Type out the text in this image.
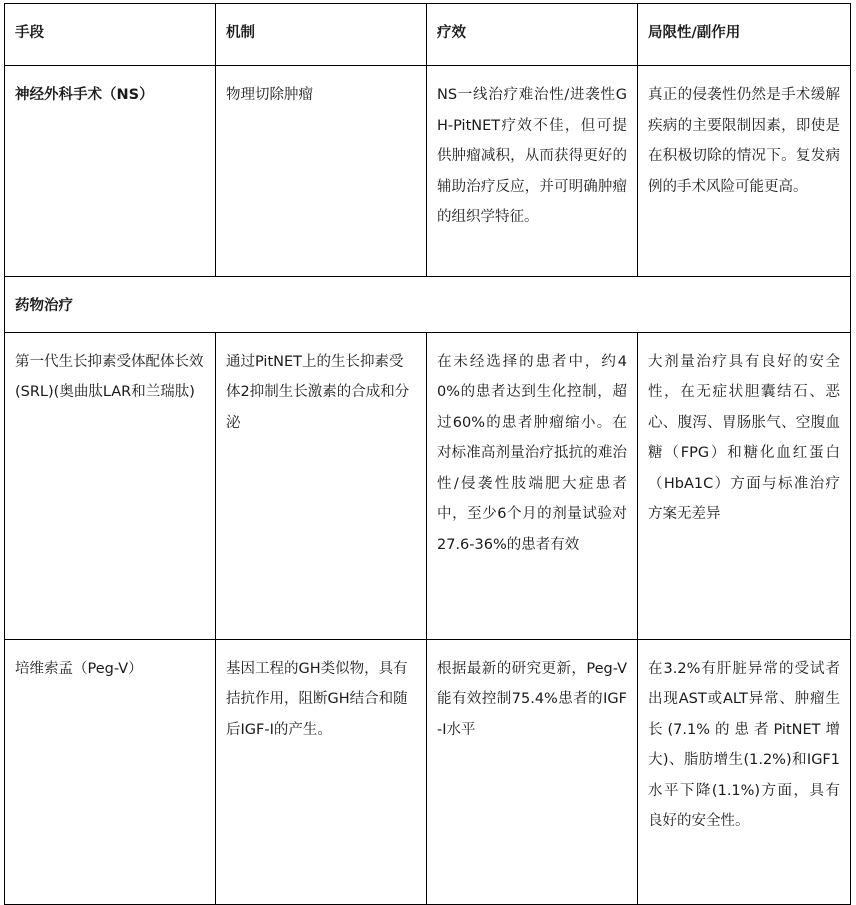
手段	机制	疗效	局限性/副作用
神经外科手术（NS）	物理切除肿瘤	NS一线治疗难治性/进袭性GH-PitNET疗效不佳，但可提供肿瘤减积，从而获得更好的辅助治疗反应，并可明确肿瘤的组织学特征。	真正的侵袭性仍然是手术缓解疾病的主要限制因素，即使是在积极切除的情况下。复发病例的手术风险可能更高。
药物治疗			
第一代生长抑素受体配体长效(SRL)(奥曲肽LAR和兰瑞肽)	通过PitNET上的生长抑素受体2抑制生长激素的合成和分泌	在未经选择的患者中，约40%的患者达到生化控制，超过60%的患者肿瘤缩小。在对标准高剂量治疗抵抗的难治性/侵袭性肢端肥大症患者中，至少6个月的剂量试验对27.6-36%的患者有效	大剂量治疗具有良好的安全性，在无症状胆囊结石、恶心、腹泻、胃肠胀气、空腹血糖（FPG）和糖化血红蛋白（HbA1C）方面与标准治疗方案无差异
培维索孟（Peg-V）	基因工程的GH类似物，具有拮抗作用，阻断GH结合和随后IGF-I的产生。	根据最新的研究更新，Peg-V能有效控制75.4%患者的IGF-I水平	在3.2%有肝脏异常的受试者出现AST或ALT异常、肿瘤生长(7.1%的患者PitNET增大)、脂肪增生(1.2%)和IGF1水平下降(1.1%)方面，具有良好的安全性。
